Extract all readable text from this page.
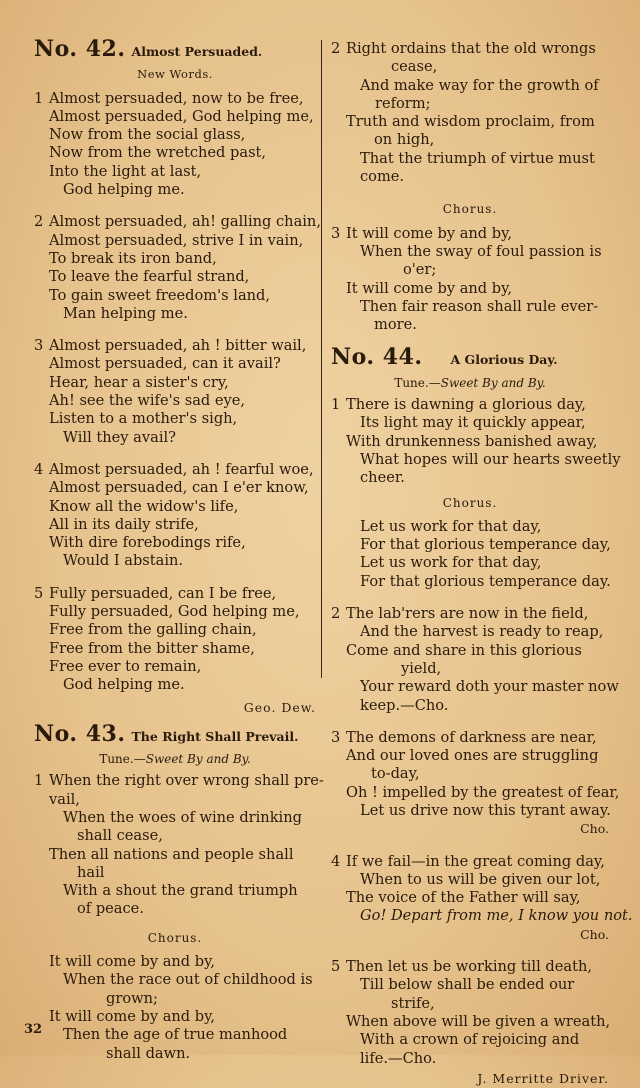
No. 42. Almost Persuaded.
New Words.
1 Almost persuaded, now to be free,
Almost persuaded, God helping me,
Now from the social glass,
Now from the wretched past,
Into the light at last,
God helping me.
2 Almost persuaded, ah! galling chain,
Almost persuaded, strive I in vain,
To break its iron band,
To leave the fearful strand,
To gain sweet freedom's land,
Man helping me.
3 Almost persuaded, ah ! bitter wail,
Almost persuaded, can it avail?
Hear, hear a sister's cry,
Ah! see the wife's sad eye,
Listen to a mother's sigh,
Will they avail?
4 Almost persuaded, ah ! fearful woe,
Almost persuaded, can I e'er know,
Know all the widow's life,
All in its daily strife,
With dire forebodings rife,
Would I abstain.
5 Fully persuaded, can I be free,
Fully persuaded, God helping me,
Free from the galling chain,
Free from the bitter shame,
Free ever to remain,
God helping me.
Geo. Dew.
No. 43. The Right Shall Prevail.
Tune.—Sweet By and By.
1 When the right over wrong shall pre-
vail,
When the woes of wine drinking
shall cease,
Then all nations and people shall
hail
With a shout the grand triumph
of peace.
Chorus.
It will come by and by,
When the race out of childhood is
grown;
It will come by and by,
Then the age of true manhood
shall dawn.
2 Right ordains that the old wrongs
cease,
And make way for the growth of
reform;
Truth and wisdom proclaim, from
on high,
That the triumph of virtue must
come.
Chorus.
3 It will come by and by,
When the sway of foul passion is
o'er;
It will come by and by,
Then fair reason shall rule ever-
more.
No. 44. A Glorious Day.
Tune.—Sweet By and By.
1 There is dawning a glorious day,
Its light may it quickly appear,
With drunkenness banished away,
What hopes will our hearts sweetly
cheer.
Chorus.
Let us work for that day,
For that glorious temperance day,
Let us work for that day,
For that glorious temperance day.
2 The lab'rers are now in the field,
And the harvest is ready to reap,
Come and share in this glorious
yield,
Your reward doth your master now
keep.—Cho.
3 The demons of darkness are near,
And our loved ones are struggling
to-day,
Oh ! impelled by the greatest of fear,
Let us drive now this tyrant away.
Cho.
4 If we fail—in the great coming day,
When to us will be given our lot,
The voice of the Father will say,
Go! Depart from me, I know you not.
Cho.
5 Then let us be working till death,
Till below shall be ended our
strife,
When above will be given a wreath,
With a crown of rejoicing and
life.—Cho.
J. Merritte Driver.
32
